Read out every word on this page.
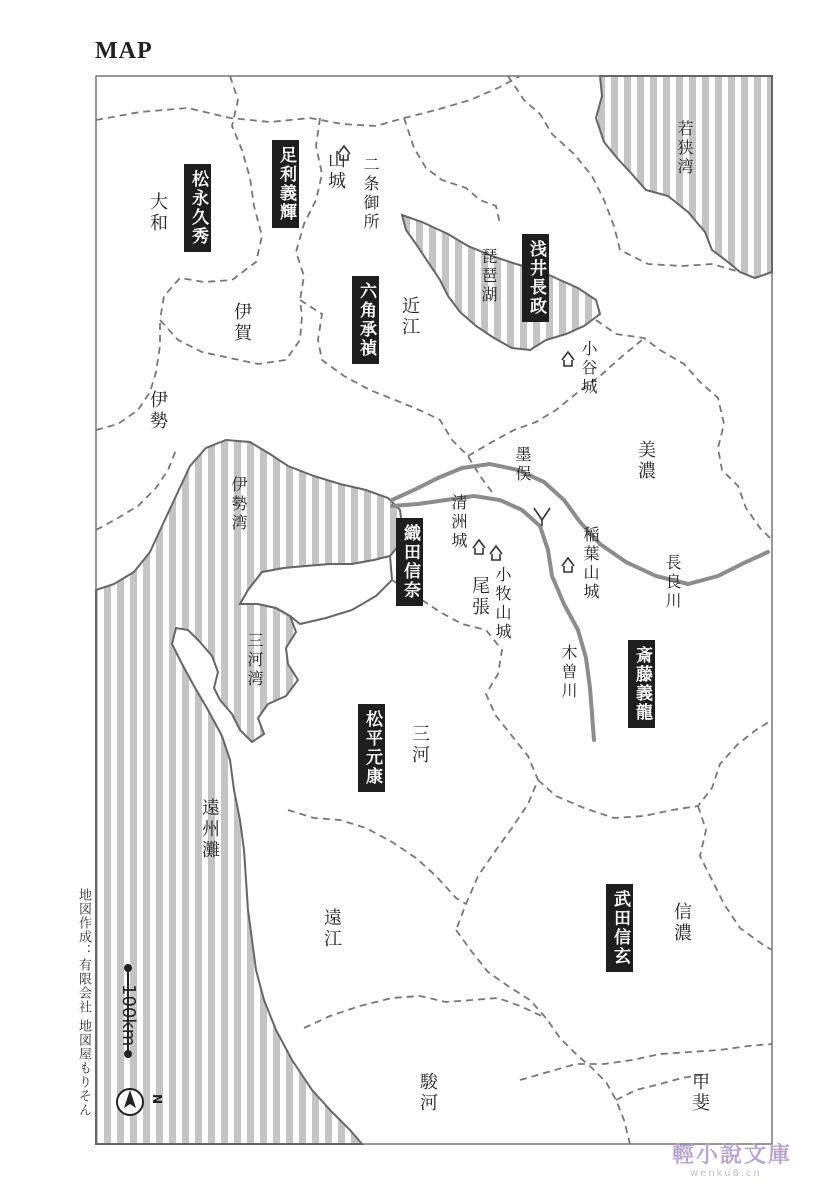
MAP
若狭湾
琵琶湖
伊勢湾
三河湾
遠州灘
大和
山城
近江
伊賀
伊勢
美濃
尾張
三河
遠江
駿河
信濃
甲斐
長良川
木曽川
二条御所
小谷城
墨俣
清洲城
小牧山城
稲葉山城
松永久秀	足利義輝
浅井長政
六角承禎
織田信奈
斎藤義龍
松平元康
武田信玄
地図作成：有限会社 地図屋もりそん 100km
N
輕小說文庫
wenku8.cn
